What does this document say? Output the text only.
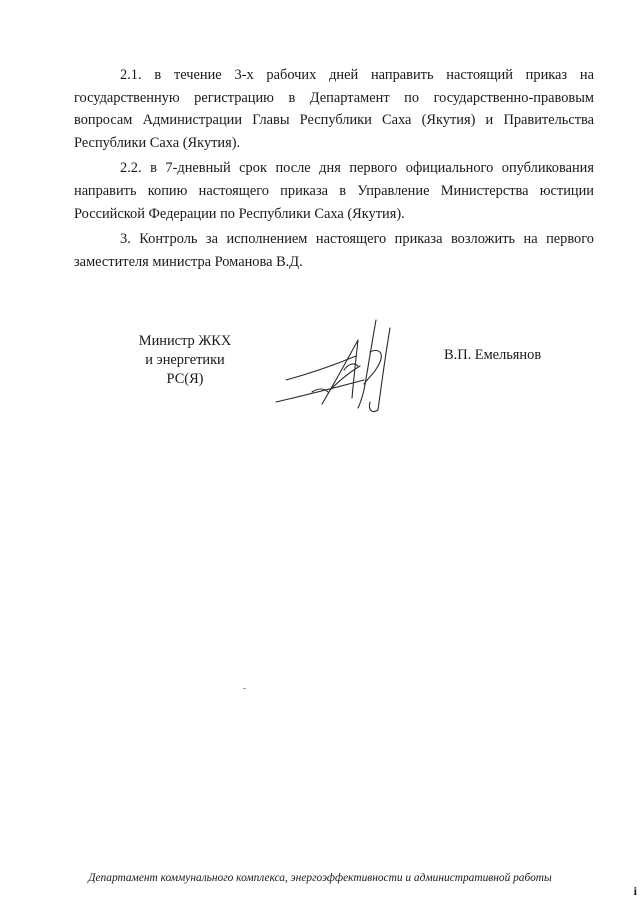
2.1. в течение 3-х рабочих дней направить настоящий приказ на государственную регистрацию в Департамент по государственно-правовым вопросам Администрации Главы Республики Саха (Якутия) и Правительства Республики Саха (Якутия).

2.2. в 7-дневный срок после дня первого официального опубликования направить копию настоящего приказа в Управление Министерства юстиции Российской Федерации по Республики Саха (Якутия).

3. Контроль за исполнением настоящего приказа возложить на первого заместителя министра Романова В.Д.

Министр ЖКХ
и энергетики
РС(Я)
В.П. Емельянов
Департамент коммунального комплекса, энергоэффективности и административной работы
i
